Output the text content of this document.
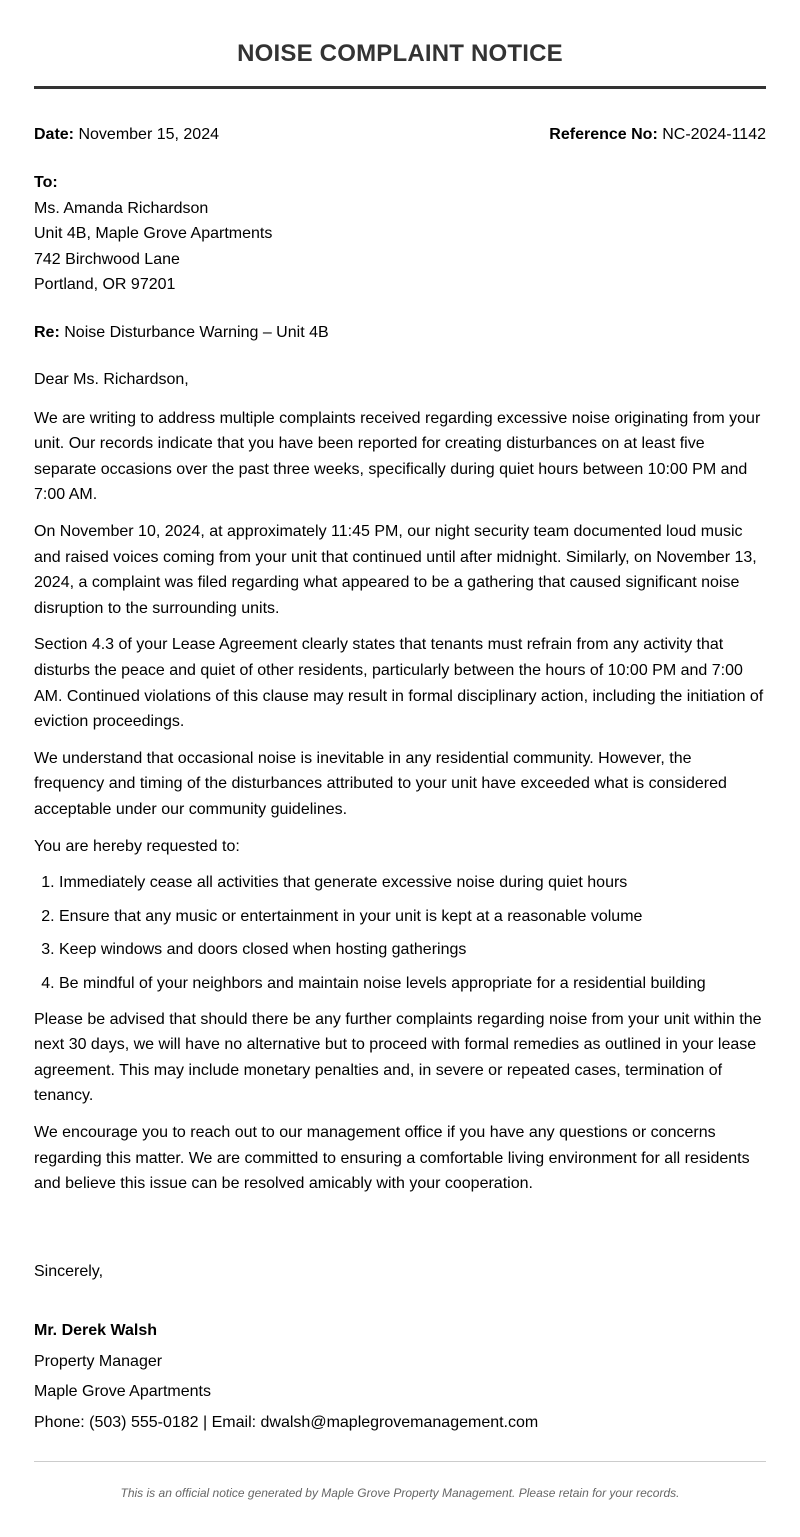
NOISE COMPLAINT NOTICE
Date: November 15, 2024	Reference No: NC-2024-1142
To:
Ms. Amanda Richardson
Unit 4B, Maple Grove Apartments
742 Birchwood Lane
Portland, OR 97201
Re: Noise Disturbance Warning – Unit 4B

Dear Ms. Richardson,

We are writing to address multiple complaints received regarding excessive noise originating from your unit. Our records indicate that you have been reported for creating disturbances on at least five separate occasions over the past three weeks, specifically during quiet hours between 10:00 PM and 7:00 AM.

On November 10, 2024, at approximately 11:45 PM, our night security team documented loud music and raised voices coming from your unit that continued until after midnight. Similarly, on November 13, 2024, a complaint was filed regarding what appeared to be a gathering that caused significant noise disruption to the surrounding units.

Section 4.3 of your Lease Agreement clearly states that tenants must refrain from any activity that disturbs the peace and quiet of other residents, particularly between the hours of 10:00 PM and 7:00 AM. Continued violations of this clause may result in formal disciplinary action, including the initiation of eviction proceedings.

We understand that occasional noise is inevitable in any residential community. However, the frequency and timing of the disturbances attributed to your unit have exceeded what is considered acceptable under our community guidelines.

You are hereby requested to:

1. Immediately cease all activities that generate excessive noise during quiet hours
2. Ensure that any music or entertainment in your unit is kept at a reasonable volume
3. Keep windows and doors closed when hosting gatherings
4. Be mindful of your neighbors and maintain noise levels appropriate for a residential building

Please be advised that should there be any further complaints regarding noise from your unit within the next 30 days, we will have no alternative but to proceed with formal remedies as outlined in your lease agreement. This may include monetary penalties and, in severe or repeated cases, termination of tenancy.

We encourage you to reach out to our management office if you have any questions or concerns regarding this matter. We are committed to ensuring a comfortable living environment for all residents and believe this issue can be resolved amicably with your cooperation.

Sincerely,
Mr. Derek Walsh
Property Manager
Maple Grove Apartments
Phone: (503) 555-0182 | Email: dwalsh@maplegrovemanagement.com
This is an official notice generated by Maple Grove Property Management. Please retain for your records.
